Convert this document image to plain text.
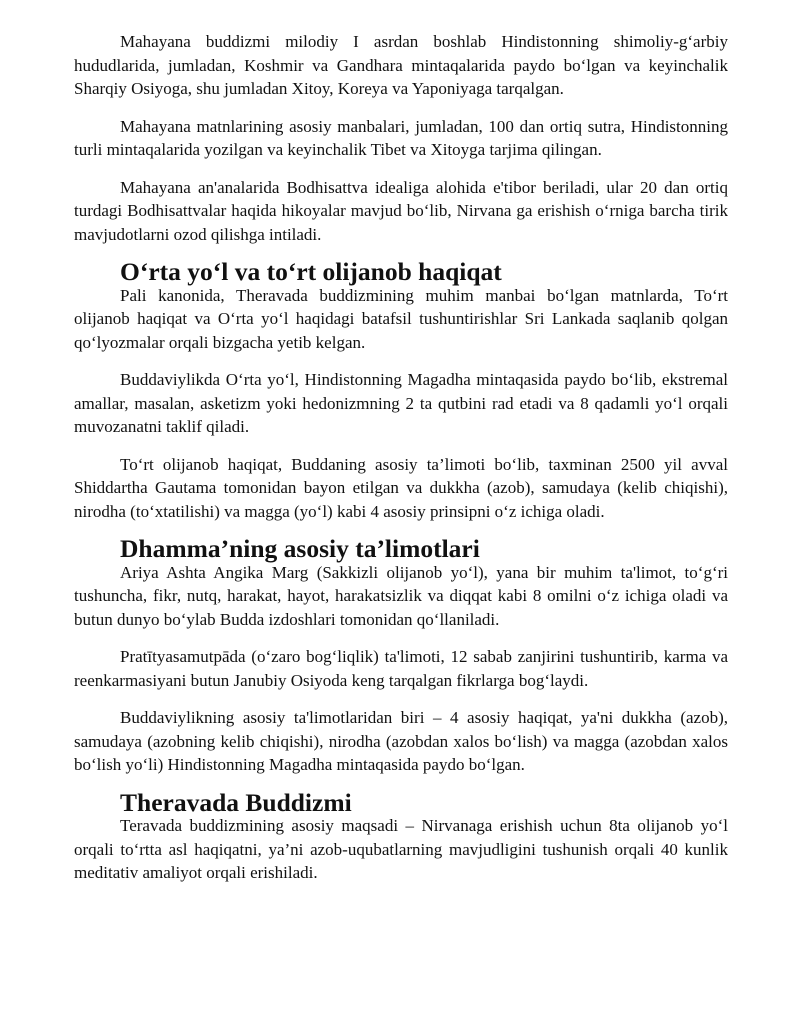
Mahayana buddizmi milodiy I asrdan boshlab Hindistonning shimoliy-g‘arbiy hududlarida, jumladan, Koshmir va Gandhara mintaqalarida paydo bo‘lgan va keyinchalik Sharqiy Osiyoga, shu jumladan Xitoy, Koreya va Yaponiyaga tarqalgan.

Mahayana matnlarining asosiy manbalari, jumladan, 100 dan ortiq sutra, Hindistonning turli mintaqalarida yozilgan va keyinchalik Tibet va Xitoyga tarjima qilingan.

Mahayana an'analarida Bodhisattva idealiga alohida e'tibor beriladi, ular 20 dan ortiq turdagi Bodhisattvalar haqida hikoyalar mavjud bo‘lib, Nirvana ga erishish o‘rniga barcha tirik mavjudotlarni ozod qilishga intiladi.

O‘rta yo‘l va to‘rt olijanob haqiqat

Pali kanonida, Theravada buddizmining muhim manbai bo‘lgan matnlarda, To‘rt olijanob haqiqat va O‘rta yo‘l haqidagi batafsil tushuntirishlar Sri Lankada saqlanib qolgan qo‘lyozmalar orqali bizgacha yetib kelgan.

Buddaviylikda O‘rta yo‘l, Hindistonning Magadha mintaqasida paydo bo‘lib, ekstremal amallar, masalan, asketizm yoki hedonizmning 2 ta qutbini rad etadi va 8 qadamli yo‘l orqali muvozanatni taklif qiladi.

To‘rt olijanob haqiqat, Buddaning asosiy ta’limoti bo‘lib, taxminan 2500 yil avval Shiddartha Gautama tomonidan bayon etilgan va dukkha (azob), samudaya (kelib chiqishi), nirodha (to‘xtatilishi) va magga (yo‘l) kabi 4 asosiy prinsipni o‘z ichiga oladi.

Dhamma’ning asosiy ta’limotlari

Ariya Ashta Angika Marg (Sakkizli olijanob yo‘l), yana bir muhim ta'limot, to‘g‘ri tushuncha, fikr, nutq, harakat, hayot, harakatsizlik va diqqat kabi 8 omilni o‘z ichiga oladi va butun dunyo bo‘ylab Budda izdoshlari tomonidan qo‘llaniladi.

Pratītyasamutpāda (o‘zaro bog‘liqlik) ta'limoti, 12 sabab zanjirini tushuntirib, karma va reenkarmasiyani butun Janubiy Osiyoda keng tarqalgan fikrlarga bog‘laydi.

Buddaviylikning asosiy ta'limotlaridan biri – 4 asosiy haqiqat, ya'ni dukkha (azob), samudaya (azobning kelib chiqishi), nirodha (azobdan xalos bo‘lish) va magga (azobdan xalos bo‘lish yo‘li) Hindistonning Magadha mintaqasida paydo bo‘lgan.

Theravada Buddizmi

Teravada buddizmining asosiy maqsadi – Nirvanaga erishish uchun 8ta olijanob yo‘l orqali to‘rtta asl haqiqatni, ya’ni azob-uqubatlarning mavjudligini tushunish orqali 40 kunlik meditativ amaliyot orqali erishiladi.
